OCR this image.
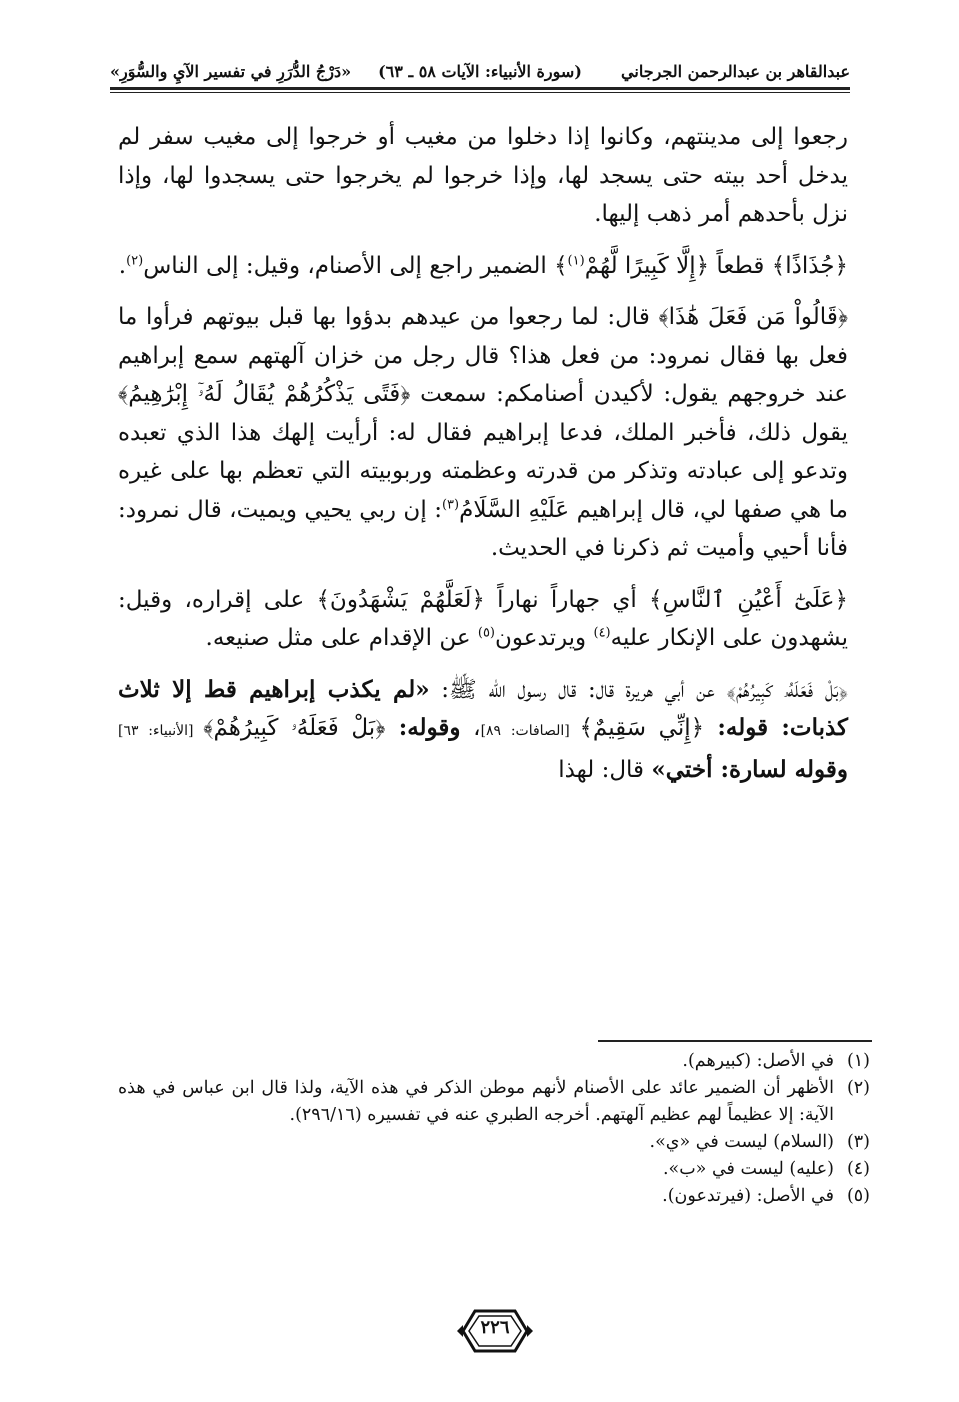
عبدالقاهر بن عبدالرحمن الجرجاني
(سورة الأنبياء: الآيات ٥٨ ـ ٦٣)
«دَرْجُ الدُّرَرِ في تفسير الآيِ والسُّوَرِ»

رجعوا إلى مدينتهم، وكانوا إذا دخلوا من مغيب أو خرجوا إلى مغيب سفر لم يدخل أحد بيته حتى يسجد لها، وإذا خرجوا لم يخرجوا حتى يسجدوا لها، وإذا نزل بأحدهم أمر ذهب إليها.

﴿جُذَاذًا﴾ قطعاً ﴿إِلَّا كَبِيرًا لَّهُمْ$^{(١)}$﴾ الضمير راجع إلى الأصنام، وقيل: إلى الناس$^{(٢)}$.

﴿قَالُواْ مَن فَعَلَ هَٰذَا﴾ قال: لما رجعوا من عيدهم بدؤوا بها قبل بيوتهم فرأوا ما فعل بها فقال نمرود: من فعل هذا؟ قال رجل من خزان آلهتهم سمع إبراهيم عند خروجهم يقول: لأكيدن أصنامكم: سمعت ﴿فَتًى يَذْكُرُهُمْ يُقَالُ لَهُۥٓ إِبْرَٰهِيمُ﴾ يقول ذلك، فأخبر الملك، فدعا إبراهيم فقال له: أرأيت إلهك هذا الذي تعبده وتدعو إلى عبادته وتذكر من قدرته وعظمته وربوبيته التي تعظم بها على غيره ما هي صفها لي، قال إبراهيم عَلَيْهِ السَّلَامُ$^{(٣)}$: إن ربي يحيي ويميت، قال نمرود: فأنا أحيي وأميت ثم ذكرنا في الحديث.

﴿عَلَىٰٓ أَعْيُنِ ٱلنَّاسِ﴾ أي جهاراً نهاراً ﴿لَعَلَّهُمْ يَشْهَدُونَ﴾ على إقراره، وقيل: يشهدون على الإنكار عليه$^{(٤)}$ ويرتدعون$^{(٥)}$ عن الإقدام على مثل صنيعه.

﴿بَلْ فَعَلَهُۥ كَبِيرُهُمْ﴾ عن أبي هريرة قال: قال رسول الله ﷺ: «لم يكذب إبراهيم قط إلا ثلاث كذبات: قوله: ﴿إِنِّي سَقِيمٌ﴾ [الصافات: ٨٩]، وقوله: ﴿بَلْ فَعَلَهُۥ كَبِيرُهُمْ﴾ [الأنبياء: ٦٣] وقوله لسارة: أختي» قال: لهذا

(١)
في الأصل: (كبيرهم).
(٢)
الأظهر أن الضمير عائد على الأصنام لأنهم موطن الذكر في هذه الآية، ولذا قال ابن عباس في هذه الآية: إلا عظيماً لهم عظيم آلهتهم. أخرجه الطبري عنه في تفسيره (٢٩٦/١٦).
(٣)
(السلام) ليست في «ي».
(٤)
(عليه) ليست في «ب».
(٥)
في الأصل: (فيرتدعون).
٢٢٦
